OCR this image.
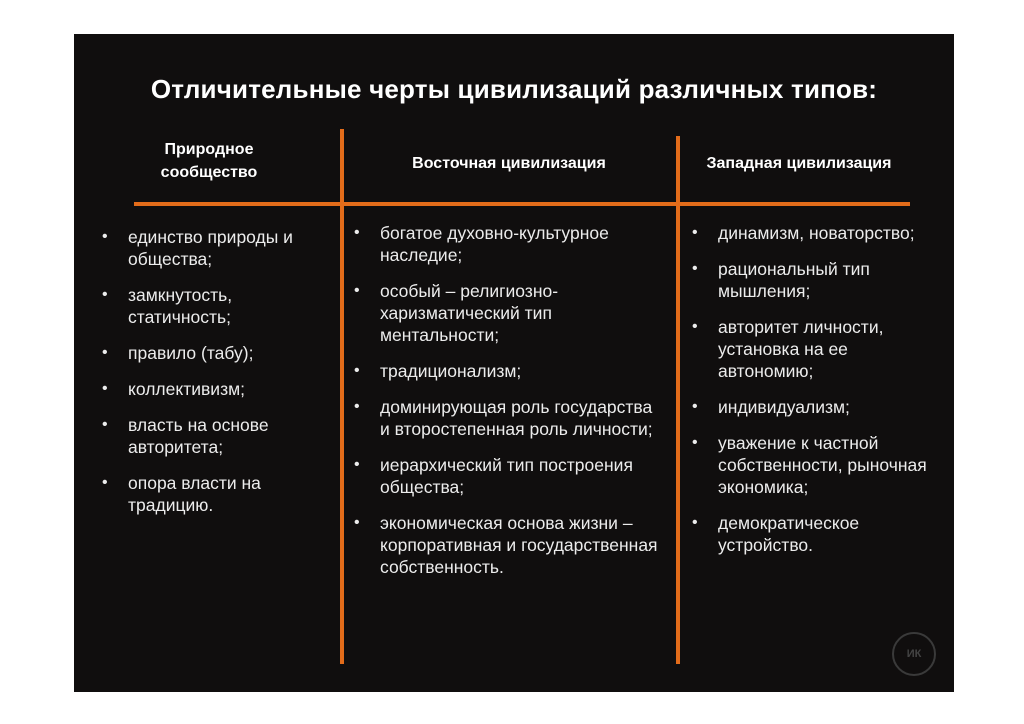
Отличительные черты цивилизаций различных типов:
Природное сообщество
Восточная цивилизация	Западная цивилизация
• единство природы и общества;
• замкнутость, статичность;
• правило (табу);
• коллективизм;
• власть на основе авторитета;
• опора власти на традицию.
• богатое духовно-культурное наследие;
• особый – религиозно-харизматический тип ментальности;
• традиционализм;
• доминирующая роль государства и второстепенная роль личности;
• иерархический тип построения общества;
• экономическая основа жизни – корпоративная и государственная собственность.
• динамизм, новаторство;
• рациональный тип мышления;
• авторитет личности, установка на ее автономию;
• индивидуализм;
• уважение к частной собственности, рыночная экономика;
• демократическое устройство.
ИК
